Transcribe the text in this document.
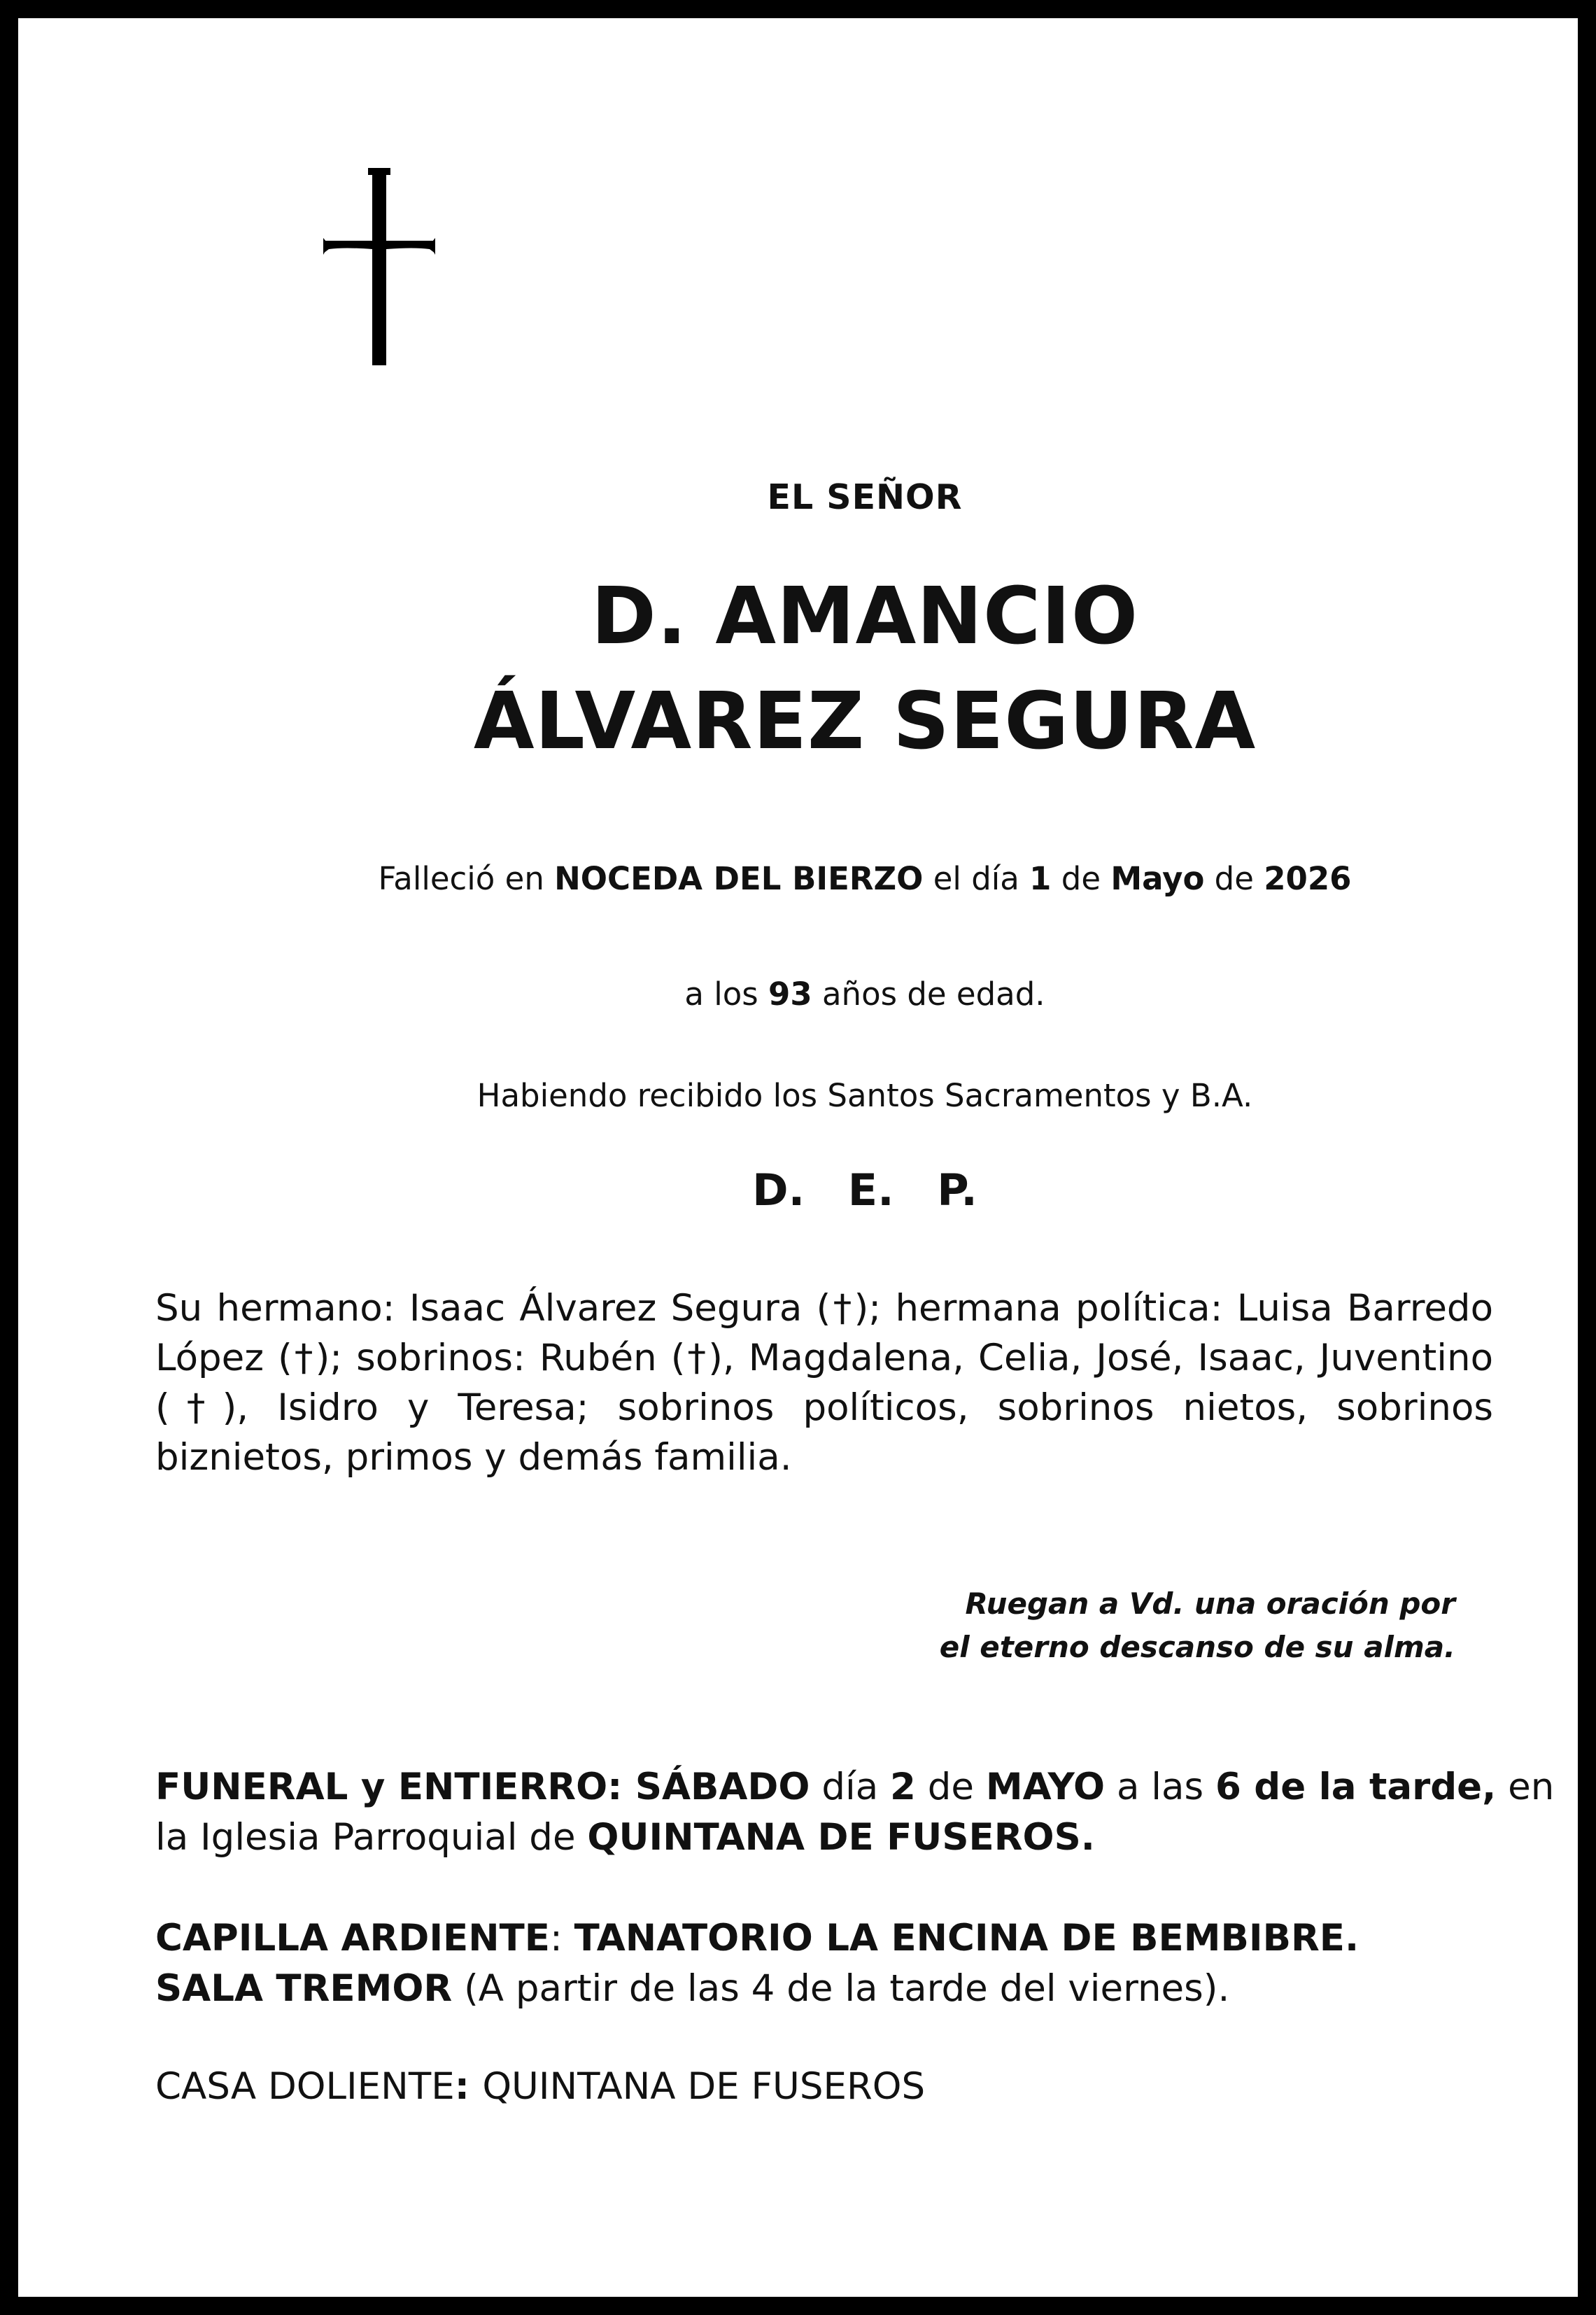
EL SEÑOR
D. AMANCIO
ÁLVAREZ SEGURA
Falleció en NOCEDA DEL BIERZO el día 1 de Mayo de 2026
a los 93 años de edad.
Habiendo recibido los Santos Sacramentos y B.A.
D. E. P.
Su hermano: Isaac Álvarez Segura (†); hermana política: Luisa Barredo López (†); sobrinos: Rubén (†), Magdalena, Celia, José, Isaac, Juventino (†), Isidro y Teresa; sobrinos políticos, sobrinos nietos, sobrinos biznietos, primos y demás familia.
Ruegan a Vd. una oración por
el eterno descanso de su alma.
FUNERAL y ENTIERRO: SÁBADO día 2 de MAYO a las 6 de la tarde, en
la Iglesia Parroquial de QUINTANA DE FUSEROS.
CAPILLA ARDIENTE: TANATORIO LA ENCINA DE BEMBIBRE.
SALA TREMOR (A partir de las 4 de la tarde del viernes).
CASA DOLIENTE: QUINTANA DE FUSEROS
